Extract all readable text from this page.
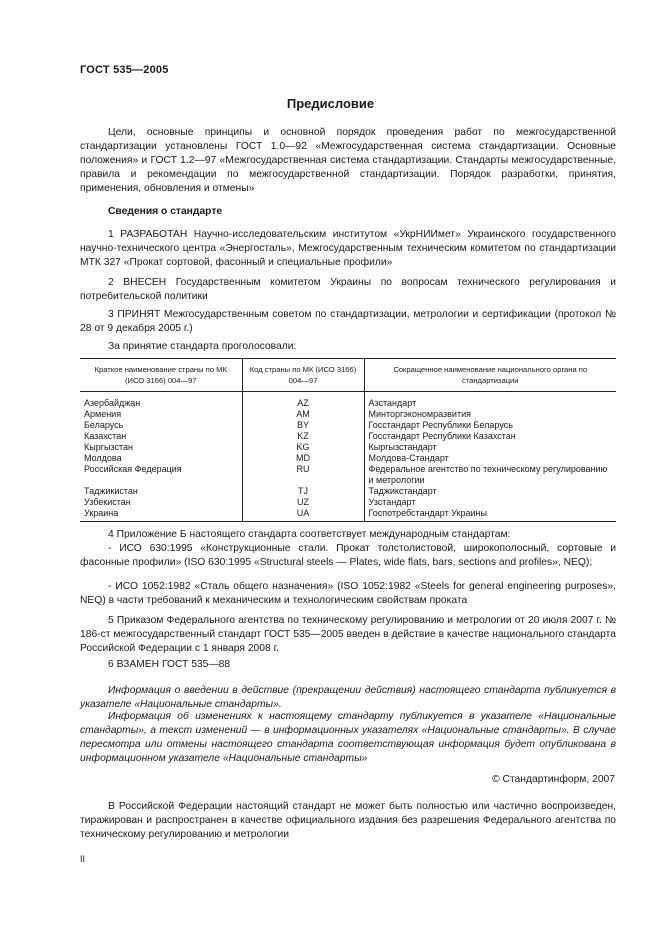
ГОСТ 535—2005
Предисловие
Цели, основные принципы и основной порядок проведения работ по межгосударственной стандартизации установлены ГОСТ 1.0—92 «Межгосударственная система стандартизации. Основные положения» и ГОСТ 1.2—97 «Межгосударственная система стандартизации. Стандарты межгосударственные, правила и рекомендации по межгосударственной стандартизации. Порядок разработки, принятия, применения, обновления и отмены»
Сведения о стандарте
1 РАЗРАБОТАН Научно-исследовательским институтом «УкрНИИмет» Украинского государственного научно-технического центра «Энергосталь», Межгосударственным техническим комитетом по стандартизации МТК 327 «Прокат сортовой, фасонный и специальные профили»
2 ВНЕСЕН Государственным комитетом Украины по вопросам технического регулирования и потребительской политики
3 ПРИНЯТ Межгосударственным советом по стандартизации, метрологии и сертификации (протокол № 28 от 9 декабря 2005 г.)
За принятие стандарта проголосовали:
Краткое наименование страны по МК (ИСО 3166) 004—97	Код страны по МК (ИСО 3166) 004—97	Сокращенное наименование национального органа по стандартизации
Азербайджан	AZ	Азстандарт
Армения	AM	Минторгэкономразвития
Беларусь	BY	Госстандарт Республики Беларусь
Казахстан	KZ	Госстандарт Республики Казахстан
Кыргызстан	KG	Кыргызстандарт
Молдова	MD	Молдова-Стандарт
Российская Федерация	RU	Федеральное агентство по техническому регулированию и метрологии
Таджикистан	TJ	Таджикстандарт
Узбекистан	UZ	Узстандарт
Украина	UA	Госпотребстандарт Украины
4 Приложение Б настоящего стандарта соответствует международным стандартам:
- ИСО 630:1995 «Конструкционные стали. Прокат толстолистовой, широкополосный, сортовые и фасонные профили» (ISO 630:1995 «Structural steels — Plates, wide flats, bars, sections and profiles», NEQ);
- ИСО 1052:1982 «Сталь общего назначения» (ISO 1052:1982 «Steels for general engineering purposes», NEQ) в части требований к механическим и технологическим свойствам проката
5 Приказом Федерального агентства по техническому регулированию и метрологии от 20 июля 2007 г. № 186-ст межгосударственный стандарт ГОСТ 535—2005 введен в действие в качестве национального стандарта Российской Федерации с 1 января 2008 г.
6 ВЗАМЕН ГОСТ 535—88
Информация о введении в действие (прекращении действия) настоящего стандарта публикуется в указателе «Национальные стандарты».
Информация об изменениях к настоящему стандарту публикуется в указателе «Национальные стандарты», а текст изменений — в информационных указателях «Национальные стандарты». В случае пересмотра или отмены настоящего стандарта соответствующая информация будет опубликована в информационном указателе «Национальные стандарты»
© Стандартинформ, 2007
В Российской Федерации настоящий стандарт не может быть полностью или частично воспроизведен, тиражирован и распространен в качестве официального издания без разрешения Федерального агентства по техническому регулированию и метрологии
II
